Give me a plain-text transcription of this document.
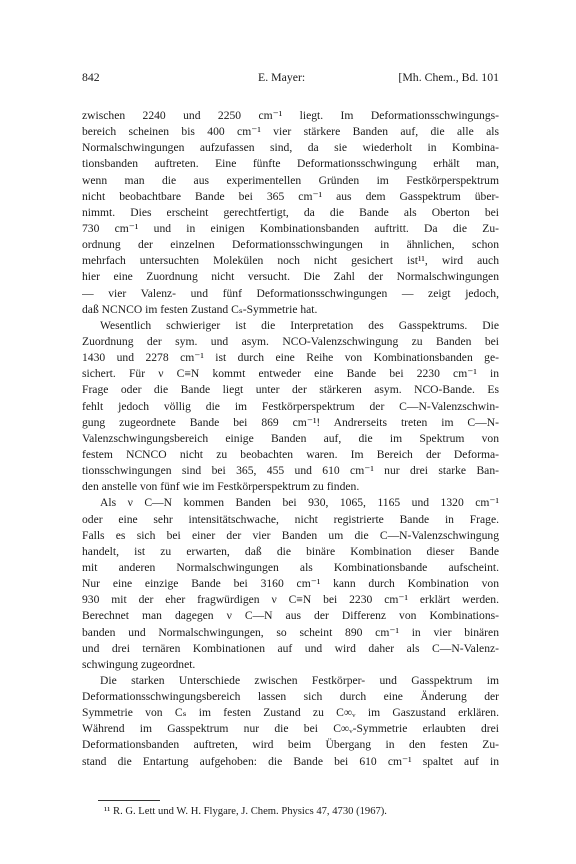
842	E. Mayer:	[Mh. Chem., Bd. 101
zwischen 2240 und 2250 cm⁻¹ liegt. Im Deformationsschwingungs-
bereich scheinen bis 400 cm⁻¹ vier stärkere Banden auf, die alle als
Normalschwingungen aufzufassen sind, da sie wiederholt in Kombina-
tionsbanden auftreten. Eine fünfte Deformationsschwingung erhält man,
wenn man die aus experimentellen Gründen im Festkörperspektrum
nicht beobachtbare Bande bei 365 cm⁻¹ aus dem Gasspektrum über-
nimmt. Dies erscheint gerechtfertigt, da die Bande als Oberton bei
730 cm⁻¹ und in einigen Kombinationsbanden auftritt. Da die Zu-
ordnung der einzelnen Deformationsschwingungen in ähnlichen, schon
mehrfach untersuchten Molekülen noch nicht gesichert ist¹¹, wird auch
hier eine Zuordnung nicht versucht. Die Zahl der Normalschwingungen
— vier Valenz- und fünf Deformationsschwingungen — zeigt jedoch,
daß NCNCO im festen Zustand Cₛ-Symmetrie hat.
Wesentlich schwieriger ist die Interpretation des Gasspektrums. Die
Zuordnung der sym. und asym. NCO-Valenzschwingung zu Banden bei
1430 und 2278 cm⁻¹ ist durch eine Reihe von Kombinationsbanden ge-
sichert. Für ν C≡N kommt entweder eine Bande bei 2230 cm⁻¹ in
Frage oder die Bande liegt unter der stärkeren asym. NCO-Bande. Es
fehlt jedoch völlig die im Festkörperspektrum der C—N-Valenzschwin-
gung zugeordnete Bande bei 869 cm⁻¹! Andrerseits treten im C—N-
Valenzschwingungsbereich einige Banden auf, die im Spektrum von
festem NCNCO nicht zu beobachten waren. Im Bereich der Deforma-
tionsschwingungen sind bei 365, 455 und 610 cm⁻¹ nur drei starke Ban-
den anstelle von fünf wie im Festkörperspektrum zu finden.
Als ν C—N kommen Banden bei 930, 1065, 1165 und 1320 cm⁻¹
oder eine sehr intensitätschwache, nicht registrierte Bande in Frage.
Falls es sich bei einer der vier Banden um die C—N-Valenzschwingung
handelt, ist zu erwarten, daß die binäre Kombination dieser Bande
mit anderen Normalschwingungen als Kombinationsbande aufscheint.
Nur eine einzige Bande bei 3160 cm⁻¹ kann durch Kombination von
930 mit der eher fragwürdigen ν C≡N bei 2230 cm⁻¹ erklärt werden.
Berechnet man dagegen ν C—N aus der Differenz von Kombinations-
banden und Normalschwingungen, so scheint 890 cm⁻¹ in vier binären
und drei ternären Kombinationen auf und wird daher als C—N-Valenz-
schwingung zugeordnet.
Die starken Unterschiede zwischen Festkörper- und Gasspektrum im
Deformationsschwingungsbereich lassen sich durch eine Änderung der
Symmetrie von Cₛ im festen Zustand zu C∞ᵥ im Gaszustand erklären.
Während im Gasspektrum nur die bei C∞ᵥ-Symmetrie erlaubten drei
Deformationsbanden auftreten, wird beim Übergang in den festen Zu-
stand die Entartung aufgehoben: die Bande bei 610 cm⁻¹ spaltet auf in
¹¹ R. G. Lett und W. H. Flygare, J. Chem. Physics 47, 4730 (1967).
